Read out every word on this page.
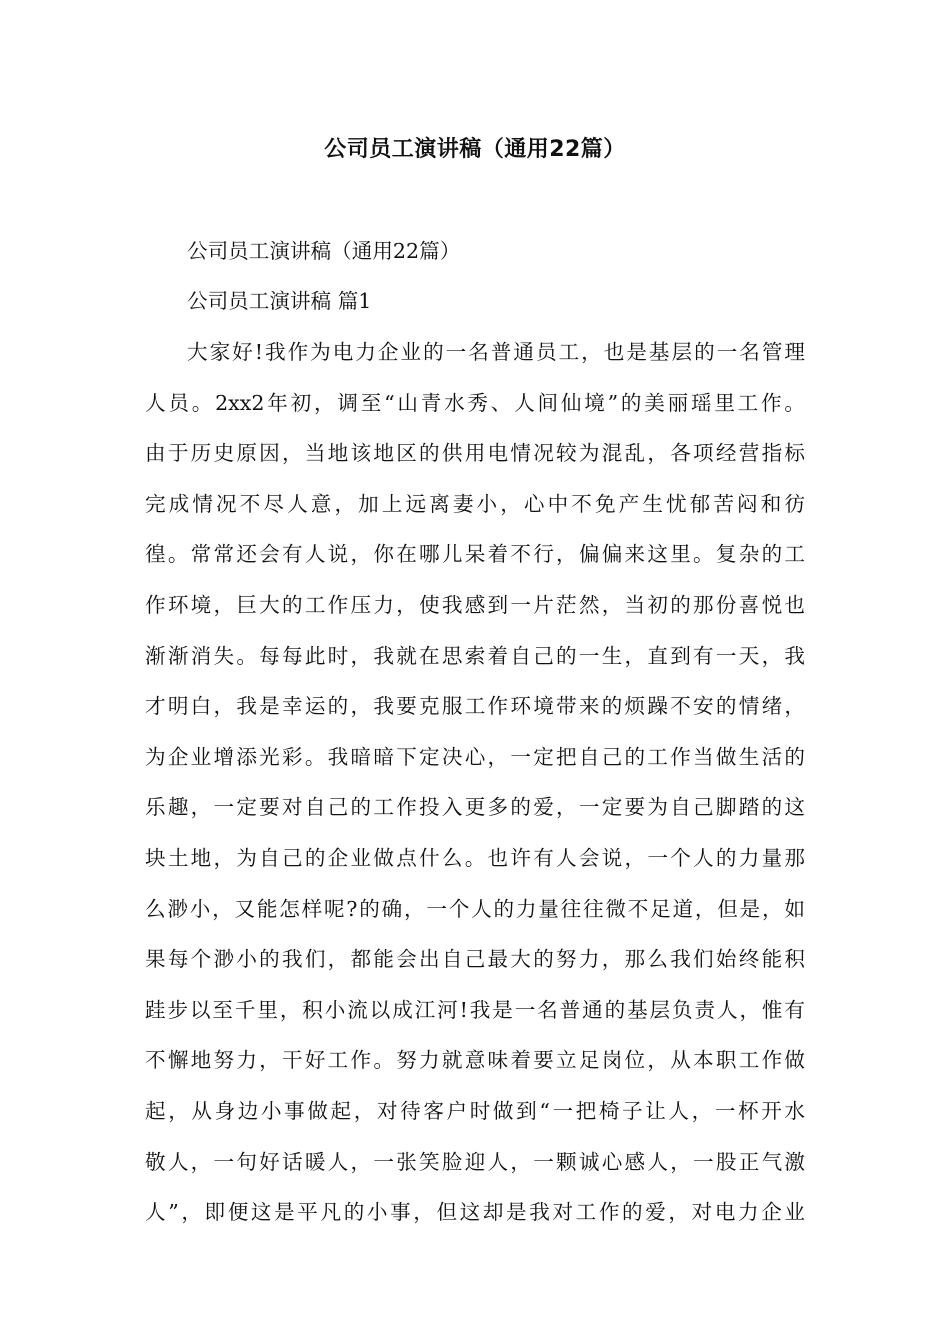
公司员工演讲稿（通用22篇）

公司员工演讲稿（通用22篇）

公司员工演讲稿 篇1

大家好!我作为电力企业的一名普通员工，也是基层的一名管理

人员。2xx2年初，调至“山青水秀、人间仙境”的美丽瑶里工作。

由于历史原因，当地该地区的供用电情况较为混乱，各项经营指标

完成情况不尽人意，加上远离妻小，心中不免产生忧郁苦闷和彷

徨。常常还会有人说，你在哪儿呆着不行，偏偏来这里。复杂的工

作环境，巨大的工作压力，使我感到一片茫然，当初的那份喜悦也

渐渐消失。每每此时，我就在思索着自己的一生，直到有一天，我

才明白，我是幸运的，我要克服工作环境带来的烦躁不安的情绪，

为企业增添光彩。我暗暗下定决心，一定把自己的工作当做生活的

乐趣，一定要对自己的工作投入更多的爱，一定要为自己脚踏的这

块土地，为自己的企业做点什么。也许有人会说，一个人的力量那

么渺小，又能怎样呢?的确，一个人的力量往往微不足道，但是，如

果每个渺小的我们，都能会出自己最大的努力，那么我们始终能积

跬步以至千里，积小流以成江河!我是一名普通的基层负责人，惟有

不懈地努力，干好工作。努力就意味着要立足岗位，从本职工作做

起，从身边小事做起，对待客户时做到“一把椅子让人，一杯开水

敬人，一句好话暖人，一张笑脸迎人，一颗诚心感人，一股正气激

人”，即便这是平凡的小事，但这却是我对工作的爱，对电力企业
